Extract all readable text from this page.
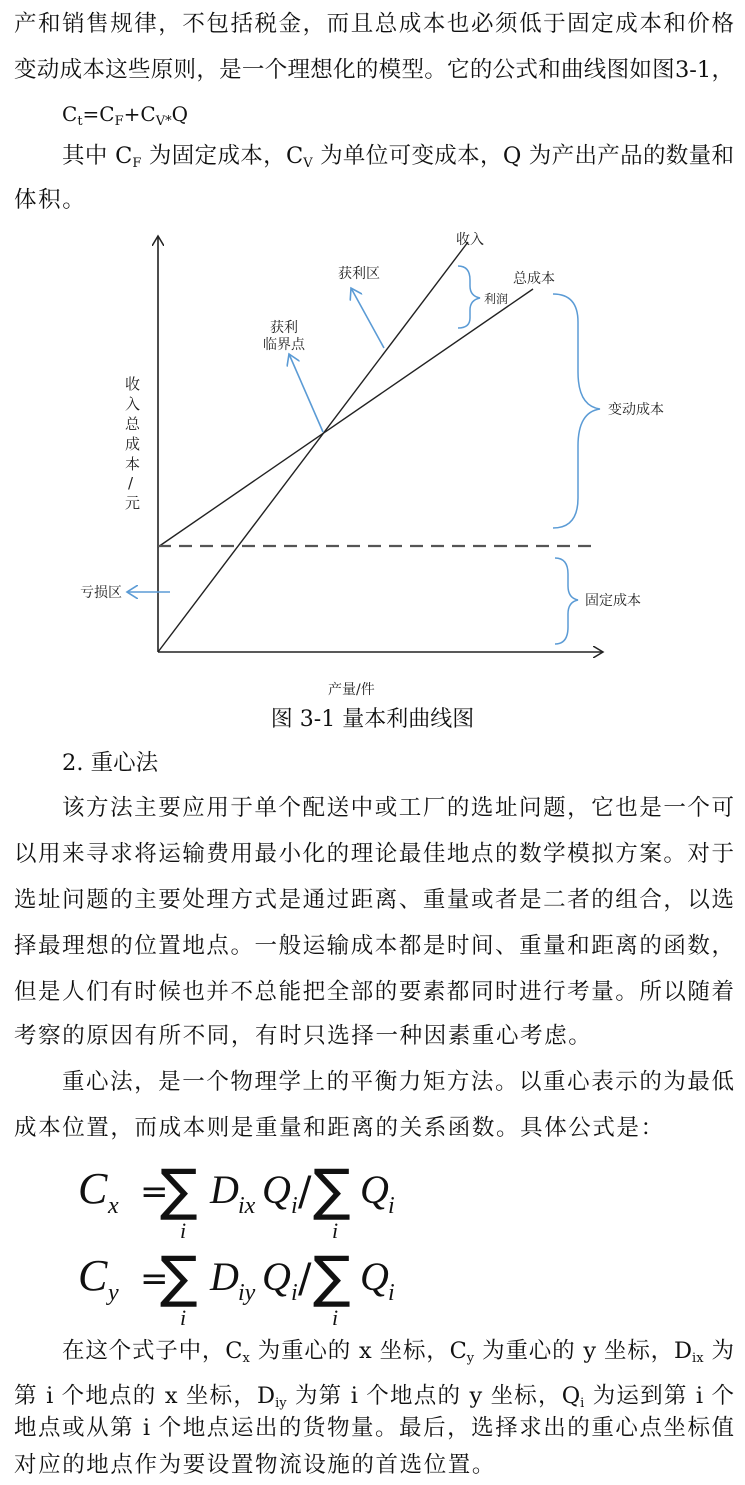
产和销售规律，不包括税金，而且总成本也必须低于固定成本和价格
变动成本这些原则，是一个理想化的模型。它的公式和曲线图如图3-1，
$C_t=C_F+C_{V*}Q$
其中 $C_F$ 为固定成本，$C_V$ 为单位可变成本，Q 为产出产品的数量和
体积。
收入
总成本
获利区
利润
获利
临界点
变动成本
固定成本
亏损区
收
入
总
成
本
/
元
产量/件
图 3-1 量本利曲线图
2. 重心法
该方法主要应用于单个配送中或工厂的选址问题，它也是一个可
以用来寻求将运输费用最小化的理论最佳地点的数学模拟方案。对于
选址问题的主要处理方式是通过距离、重量或者是二者的组合，以选
择最理想的位置地点。一般运输成本都是时间、重量和距离的函数，
但是人们有时候也并不总能把全部的要素都同时进行考量。所以随着
考察的原因有所不同，有时只选择一种因素重心考虑。
重心法，是一个物理学上的平衡力矩方法。以重心表示的为最低
成本位置，而成本则是重量和距离的关系函数。具体公式是：
C x =
∑
i
D ix Q i / ∑
i
Q i
C y =
∑
i
D iy Q i / ∑
i
Q i
在这个式子中，$C_x$ 为重心的 x 坐标，$C_y$ 为重心的 y 坐标，$D_{ix}$ 为
第 i 个地点的 x 坐标，$D_{iy}$ 为第 i 个地点的 y 坐标，$Q_i$ 为运到第 i 个
地点或从第 i 个地点运出的货物量。最后，选择求出的重心点坐标值
对应的地点作为要设置物流设施的首选位置。
